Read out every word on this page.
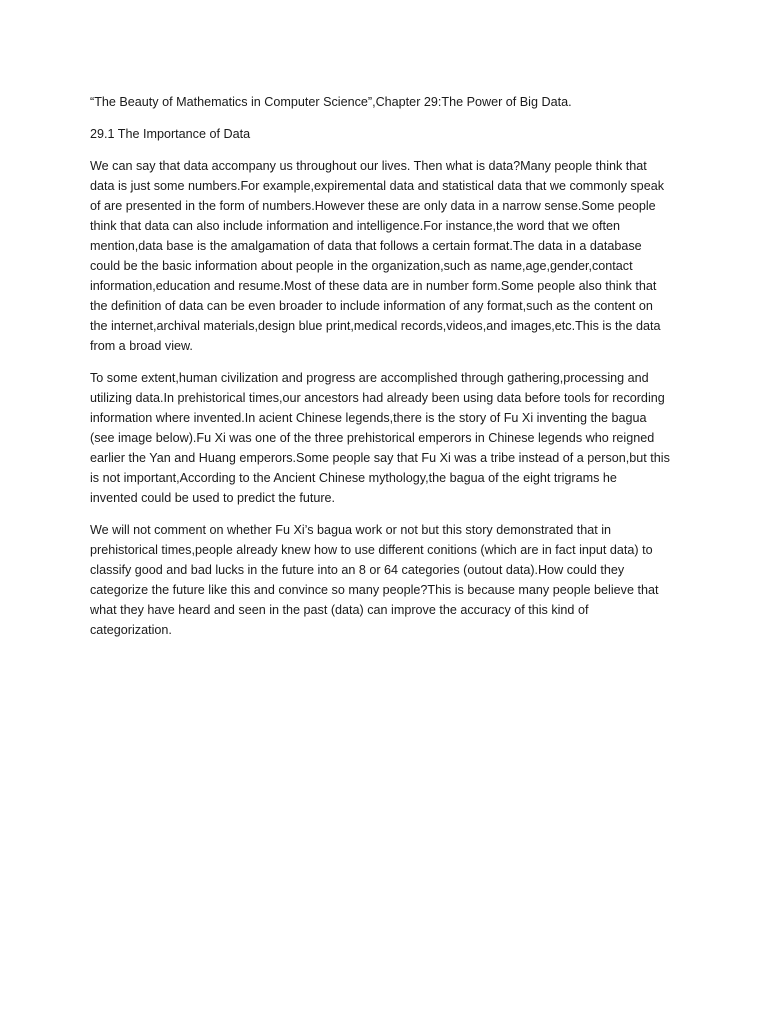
“The Beauty of Mathematics in Computer Science”,Chapter 29:The Power of Big Data.

29.1 The Importance of Data

We can say that data accompany us throughout our lives. Then what is data?Many people think that
data is just some numbers.For example,expiremental data and statistical data that we commonly speak
of are presented in the form of numbers.However these are only data in a narrow sense.Some people
think that data can also include information and intelligence.For instance,the word that we often
mention,data base is the amalgamation of data that follows a certain format.The data in a database
could be the basic information about people in the organization,such as name,age,gender,contact
information,education and resume.Most of these data are in number form.Some people also think that
the definition of data can be even broader to include information of any format,such as the content on
the internet,archival materials,design blue print,medical records,videos,and images,etc.This is the data
from a broad view.

To some extent,human civilization and progress are accomplished through gathering,processing and
utilizing data.In prehistorical times,our ancestors had already been using data before tools for recording
information where invented.In acient Chinese legends,there is the story of Fu Xi inventing the bagua
(see image below).Fu Xi was one of the three prehistorical emperors in Chinese legends who reigned
earlier the Yan and Huang emperors.Some people say that Fu Xi was a tribe instead of a person,but this
is not important,According to the Ancient Chinese mythology,the bagua of the eight trigrams he
invented could be used to predict the future.

We will not comment on whether Fu Xi’s bagua work or not but this story demonstrated that in
prehistorical times,people already knew how to use different conitions (which are in fact input data) to
classify good and bad lucks in the future into an 8 or 64 categories (outout data).How could they
categorize the future like this and convince so many people?This is because many people believe that
what they have heard and seen in the past (data) can improve the accuracy of this kind of
categorization.
